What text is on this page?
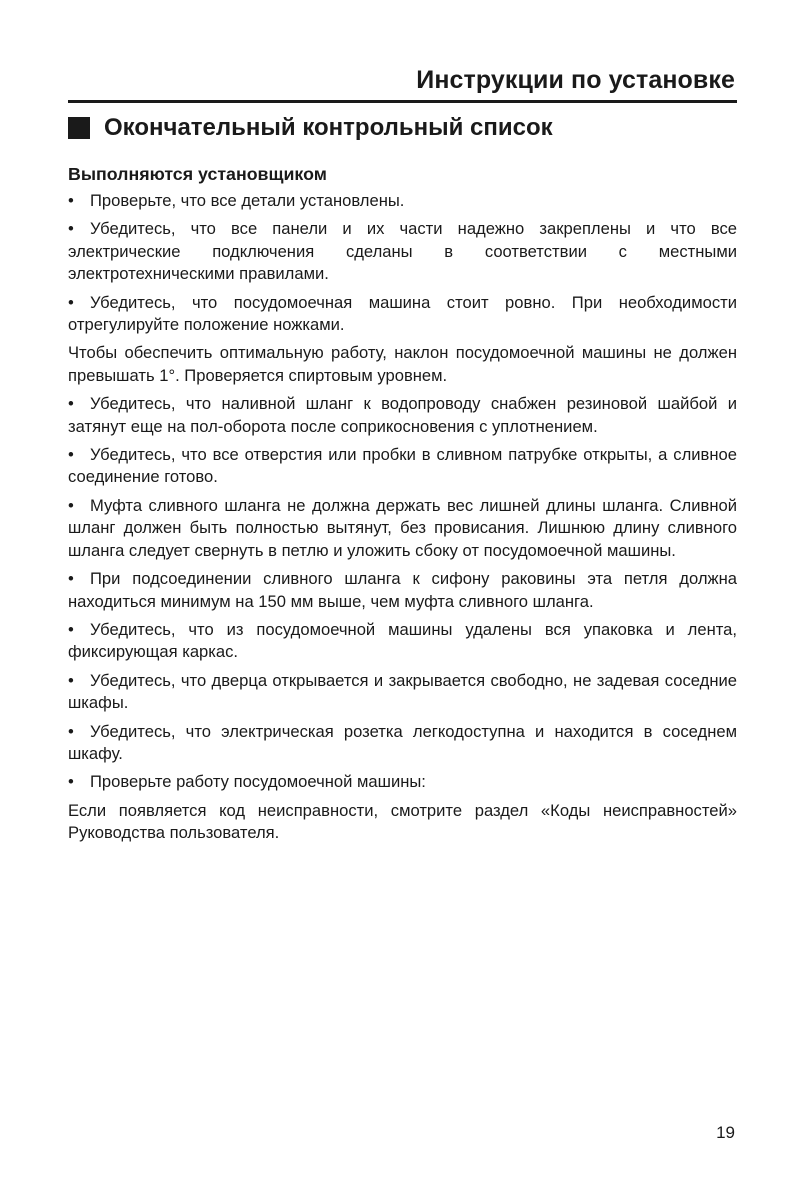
Инструкции по установке
Окончательный контрольный список
Выполняются установщиком

• Проверьте, что все детали установлены.

• Убедитесь, что все панели и их части надежно закреплены и что все электрические подключения сделаны в соответствии с местными электротехническими правилами.

• Убедитесь, что посудомоечная машина стоит ровно. При необходимости отрегулируйте положение ножками.

Чтобы обеспечить оптимальную работу, наклон посудомоечной машины не должен превышать 1°. Проверяется спиртовым уровнем.

• Убедитесь, что наливной шланг к водопроводу снабжен резиновой шайбой и затянут еще на пол-оборота после соприкосновения с уплотнением.

• Убедитесь, что все отверстия или пробки в сливном патрубке открыты, а сливное соединение готово.

• Муфта сливного шланга не должна держать вес лишней длины шланга. Сливной шланг должен быть полностью вытянут, без провисания. Лишнюю длину сливного шланга следует свернуть в петлю и уложить сбоку от посудомоечной машины.

• При подсоединении сливного шланга к сифону раковины эта петля должна находиться минимум на 150 мм выше, чем муфта сливного шланга.

• Убедитесь, что из посудомоечной машины удалены вся упаковка и лента, фиксирующая каркас.

• Убедитесь, что дверца открывается и закрывается свободно, не задевая соседние шкафы.

• Убедитесь, что электрическая розетка легкодоступна и находится в соседнем шкафу.

• Проверьте работу посудомоечной машины:

Если появляется код неисправности, смотрите раздел «Коды неисправностей» Руководства пользователя.

19
